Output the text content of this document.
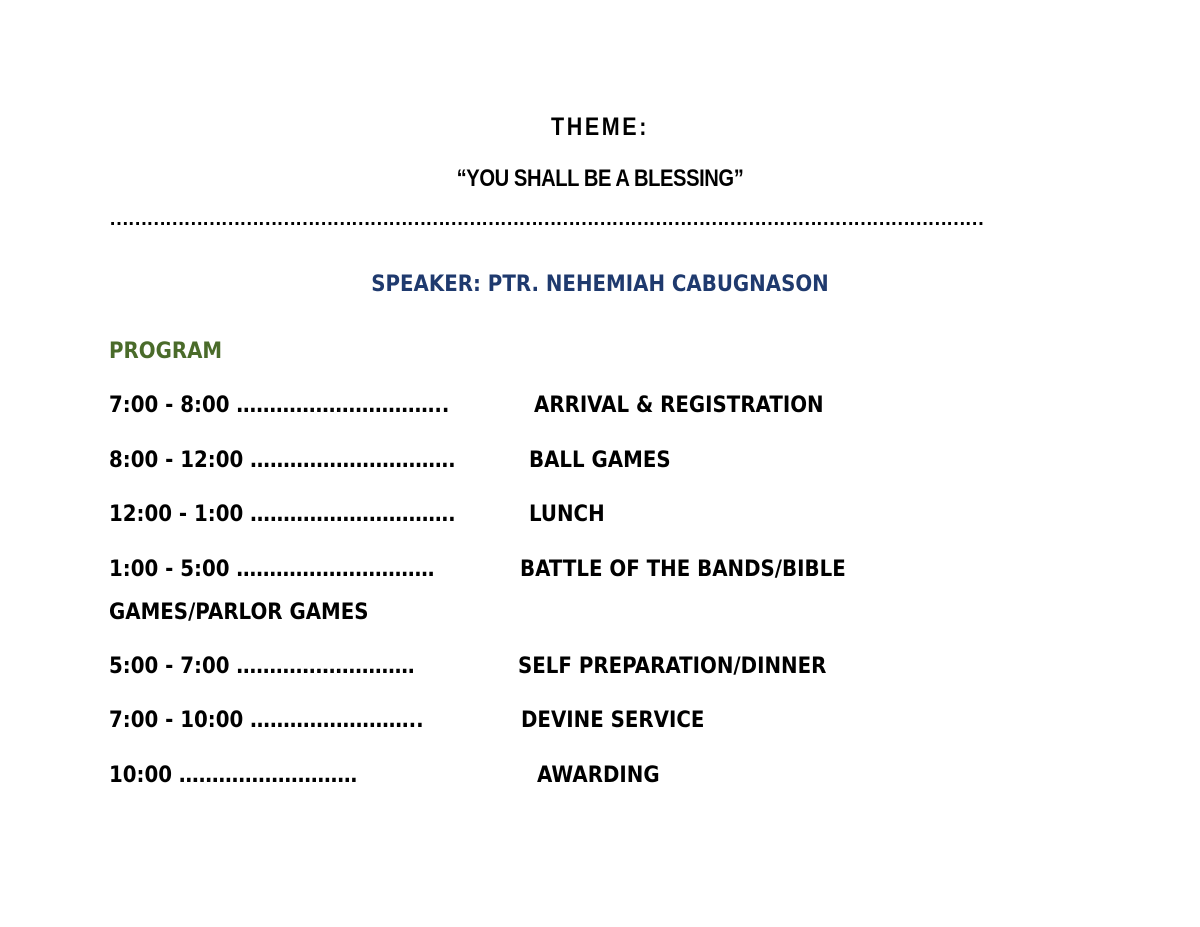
THEME:
“YOU SHALL BE A BLESSING”
……………………………………………………………………………………………………………………………
SPEAKER: PTR. NEHEMIAH CABUGNASON
PROGRAM
7:00 - 8:00 …………………………..	ARRIVAL & REGISTRATION
8:00 - 12:00 ………………………….	BALL GAMES
12:00 - 1:00 ………………………….	LUNCH
1:00 - 5:00 …………………………	BATTLE OF THE BANDS/BIBLE
GAMES/PARLOR GAMES
5:00 - 7:00 ………………………	SELF PREPARATION/DINNER
7:00 - 10:00 ……………………..	DEVINE SERVICE
10:00 ………………………	AWARDING
